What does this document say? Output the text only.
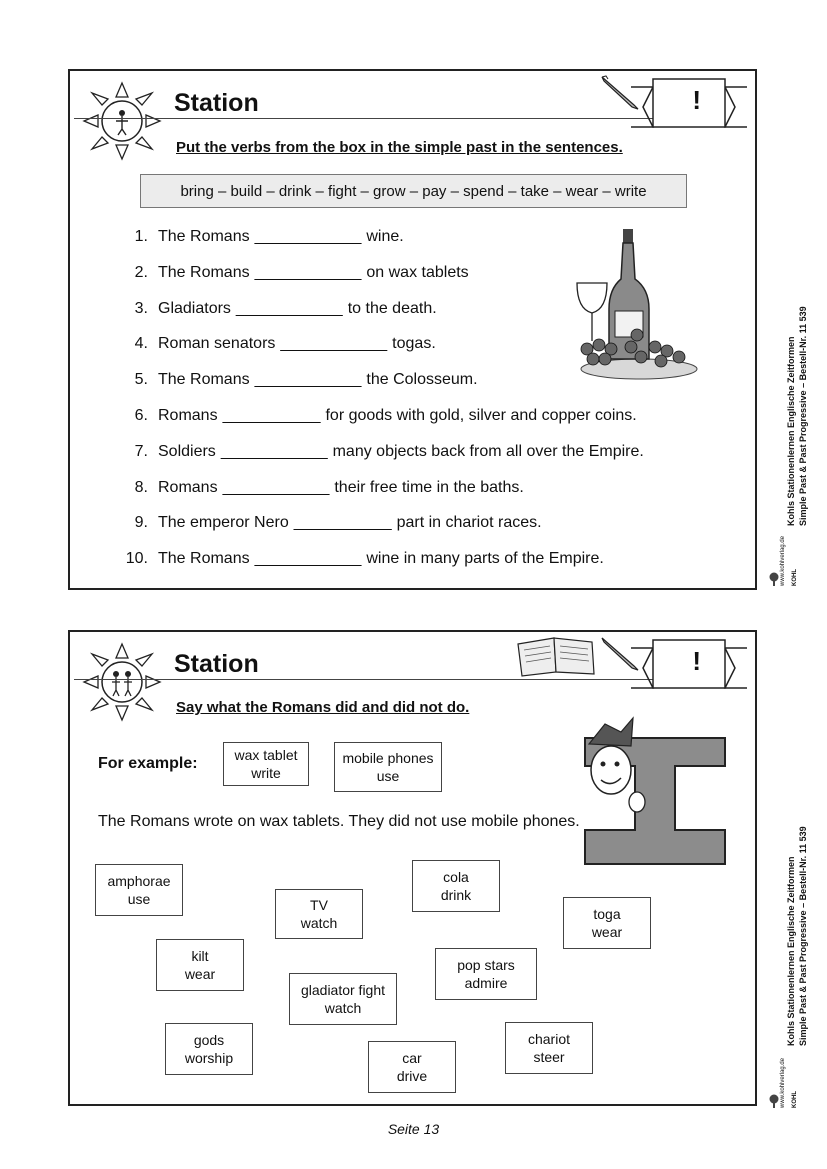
Station	!
Put the verbs from the box in the simple past in the sentences.
bring – build – drink – fight – grow – pay – spend – take – wear – write
1. The Romans ____________ wine.
2. The Romans ____________ on wax tablets
3. Gladiators ____________ to the death.
4. Roman senators ____________ togas.
5. The Romans ____________ the Colosseum.
6. Romans ___________ for goods with gold, silver and copper coins.
7. Soldiers ____________ many objects back from all over the Empire.
8. Romans ____________ their free time in the baths.
9. The emperor Nero ___________ part in chariot races.
10. The Romans ____________ wine in many parts of the Empire.
Station	!
Say what the Romans did and did not do.
For example:	wax tablet
write
mobile phones
use
The Romans wrote on wax tablets. They did not use mobile phones.
amphorae
use	TV
watch
cola
drink
toga
wear
kilt
wear
pop stars
admire
gladiator fight
watch
gods
worship
chariot
steer
car
drive
Kohls Stationenlernen Englische Zeitformen Simple Past & Past Progressive – Bestell-Nr. 11 539
www.kohlverlag.de	KOHL
Kohls Stationenlernen Englische Zeitformen Simple Past & Past Progressive – Bestell-Nr. 11 539
www.kohlverlag.de	KOHL
Seite 13
